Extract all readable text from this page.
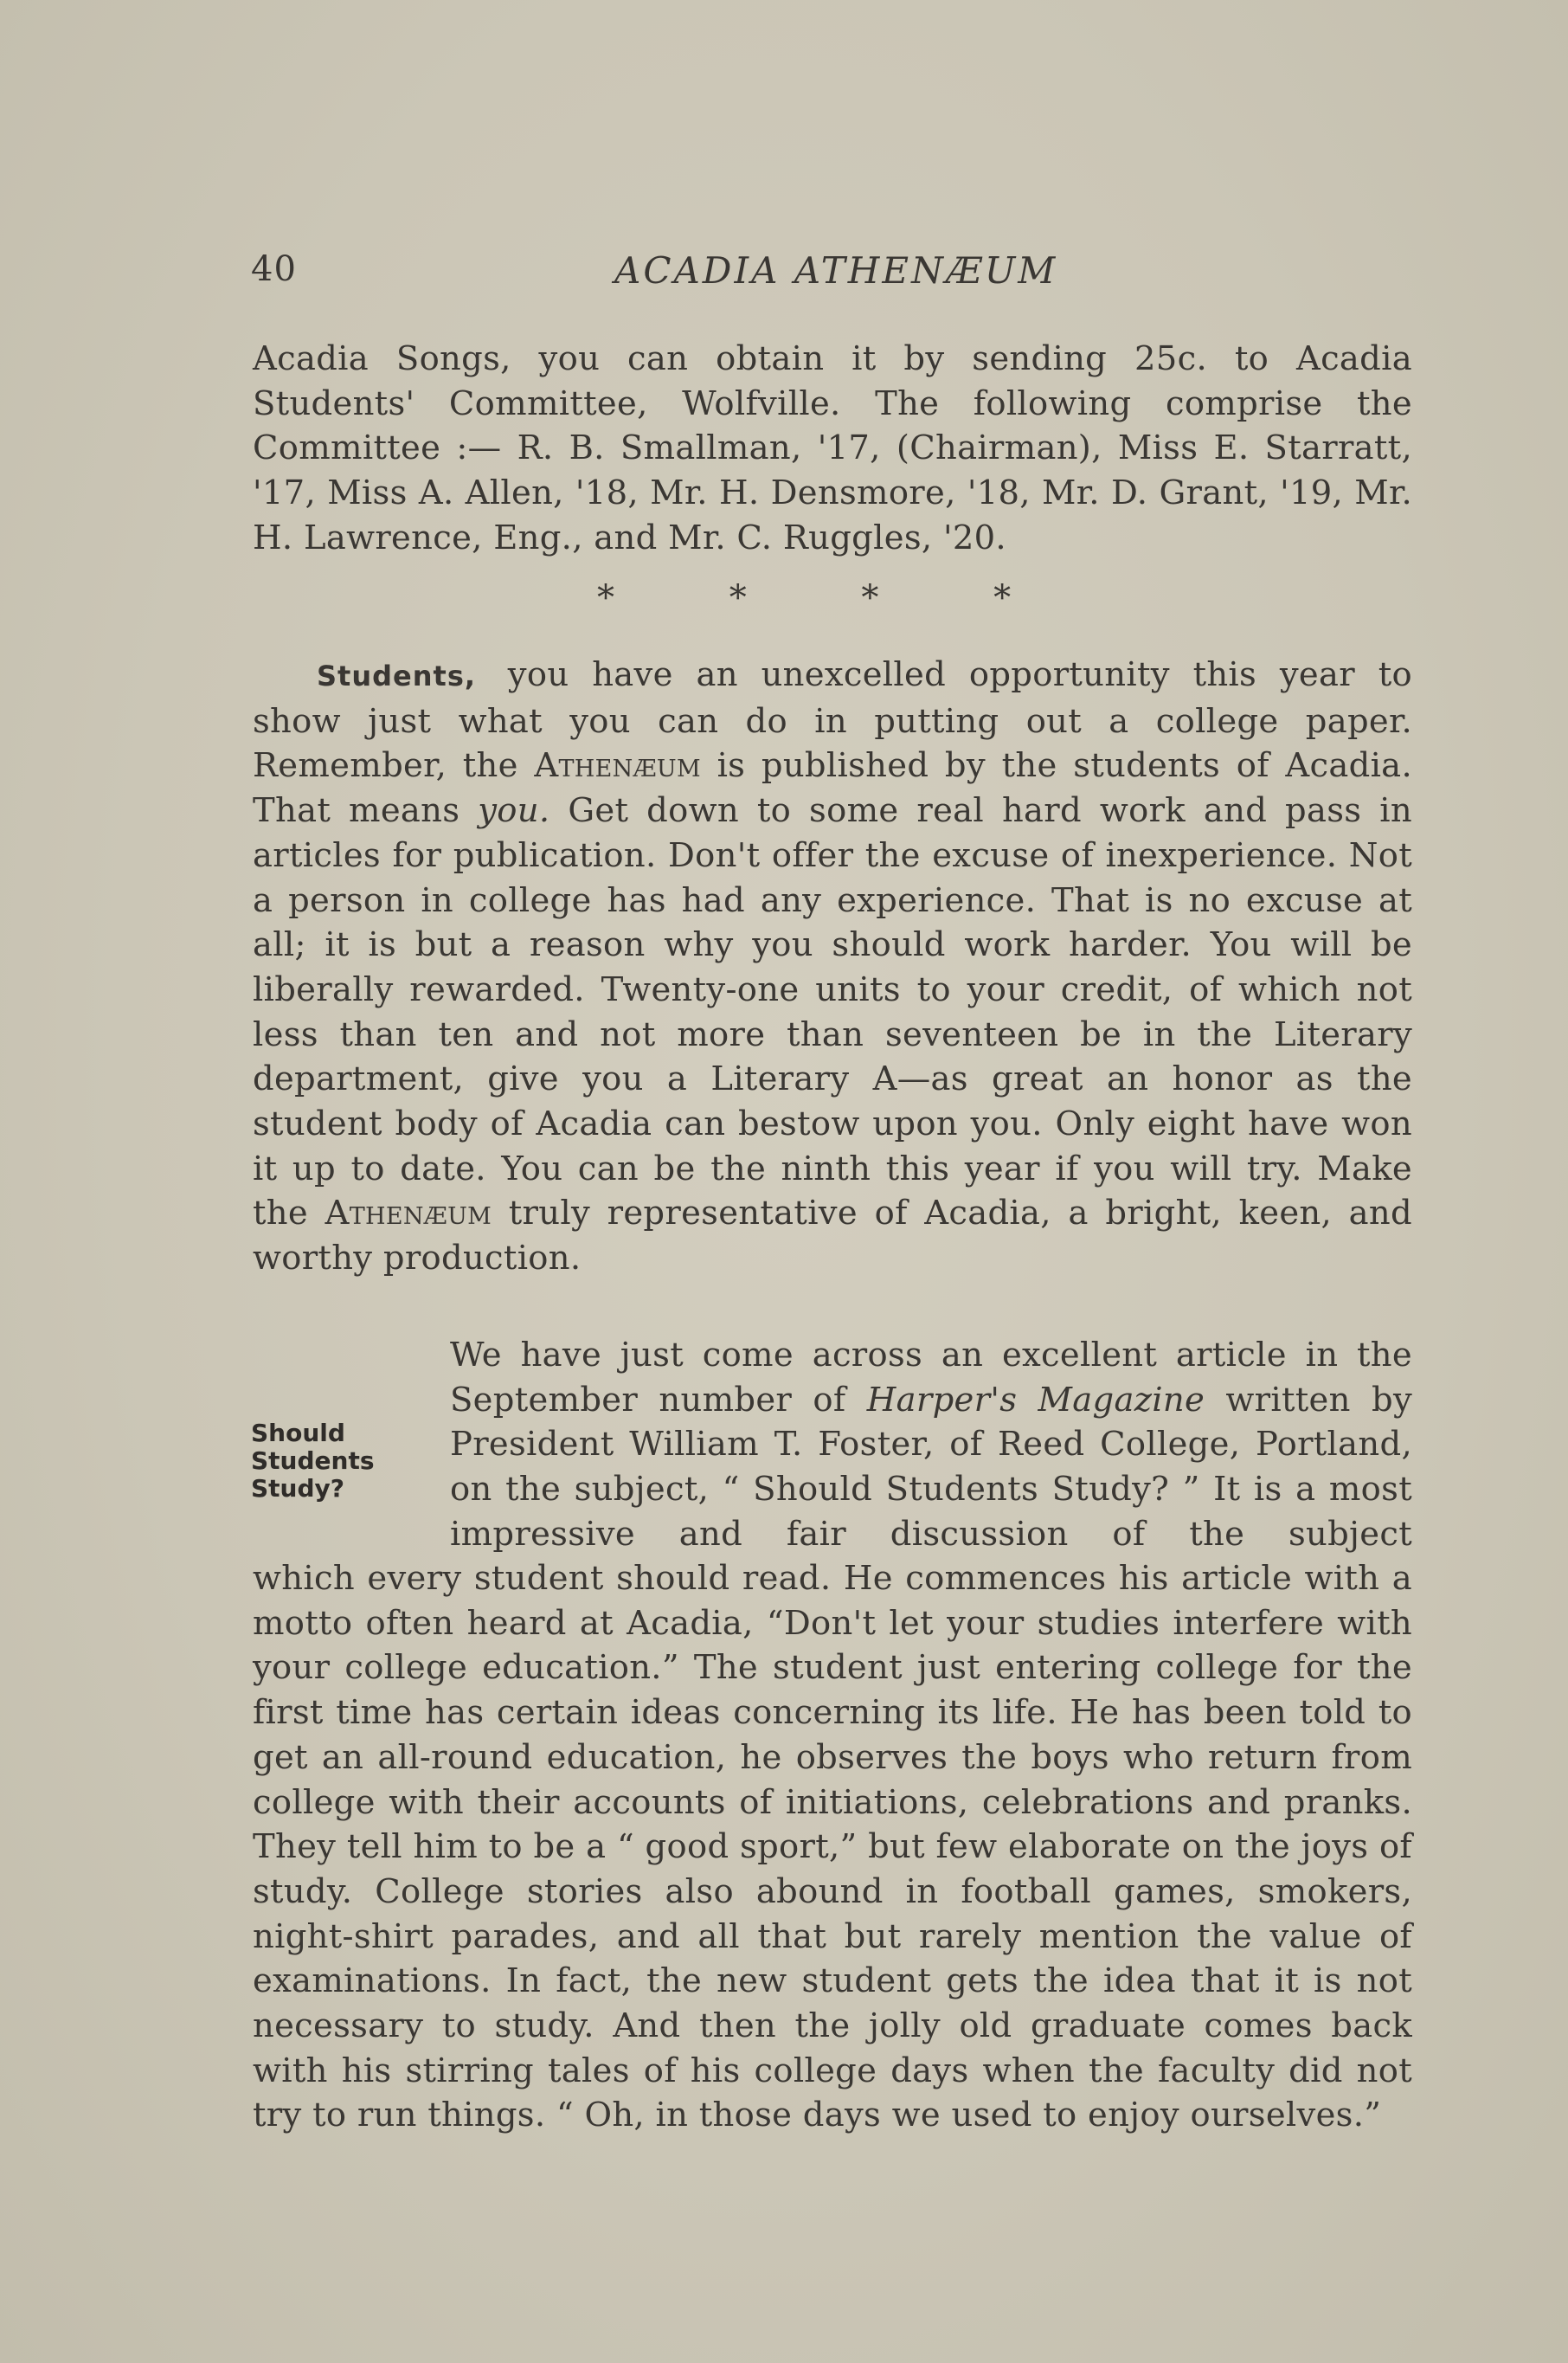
40	ACADIA ATHENÆUM
Acadia Songs, you can obtain it by sending 25c. to Acadia Students' Committee, Wolfville. The following comprise the Committee :— R. B. Smallman, '17, (Chairman), Miss E. Starratt, '17, Miss A. Allen, '18, Mr. H. Densmore, '18, Mr. D. Grant, '19, Mr. H. Lawrence, Eng., and Mr. C. Ruggles, '20.
* * * *
Students, you have an unexcelled opportunity this year to show just what you can do in putting out a college paper. Remember, the Athenæum is published by the students of Acadia. That means you. Get down to some real hard work and pass in articles for publication. Don't offer the excuse of inexperience. Not a person in college has had any experience. That is no excuse at all; it is but a reason why you should work harder. You will be liberally rewarded. Twenty-one units to your credit, of which not less than ten and not more than seventeen be in the Literary department, give you a Literary A—as great an honor as the student body of Acadia can bestow upon you. Only eight have won it up to date. You can be the ninth this year if you will try. Make the Athenæum truly representative of Acadia, a bright, keen, and worthy production.
Should
Students
Study?
We have just come across an excellent article in the September number of Harper's Magazine written by President William T. Foster, of Reed College, Portland, on the subject, “ Should Students Study? ” It is a most impressive and fair discussion of the subject
which every student should read. He commences his article with a motto often heard at Acadia, “Don't let your studies interfere with your college education.” The student just entering college for the first time has certain ideas concerning its life. He has been told to get an all-round education, he observes the boys who return from college with their accounts of initiations, celebrations and pranks. They tell him to be a “ good sport,” but few elaborate on the joys of study. College stories also abound in football games, smokers, night-shirt parades, and all that but rarely mention the value of examinations. In fact, the new student gets the idea that it is not necessary to study. And then the jolly old graduate comes back with his stirring tales of his college days when the faculty did not try to run things. “ Oh, in those days we used to enjoy ourselves.”
